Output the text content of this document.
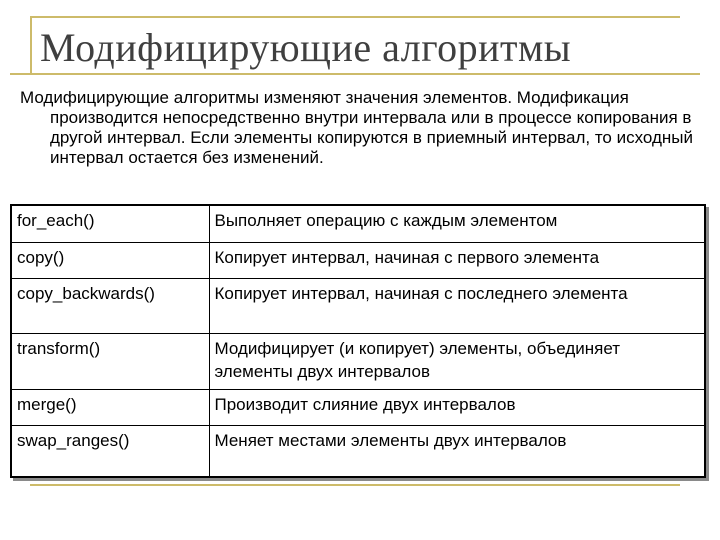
Модифицирующие алгоритмы

Модифицирующие алгоритмы изменяют значения элементов. Модификация производится непосредственно внутри интервала или в процессе копирования в другой интервал. Если элементы копируются в приемный интервал, то исходный интервал остается без изменений.

for_each()	Выполняет операцию с каждым элементом
copy()	Копирует интервал, начиная с первого элемента
copy_backwards()	Копирует интервал, начиная с последнего элемента
transform()	Модифицирует (и копирует) элементы, объединяет элементы двух интервалов
merge()	Производит слияние двух интервалов
swap_ranges()	Меняет местами элементы двух интервалов
